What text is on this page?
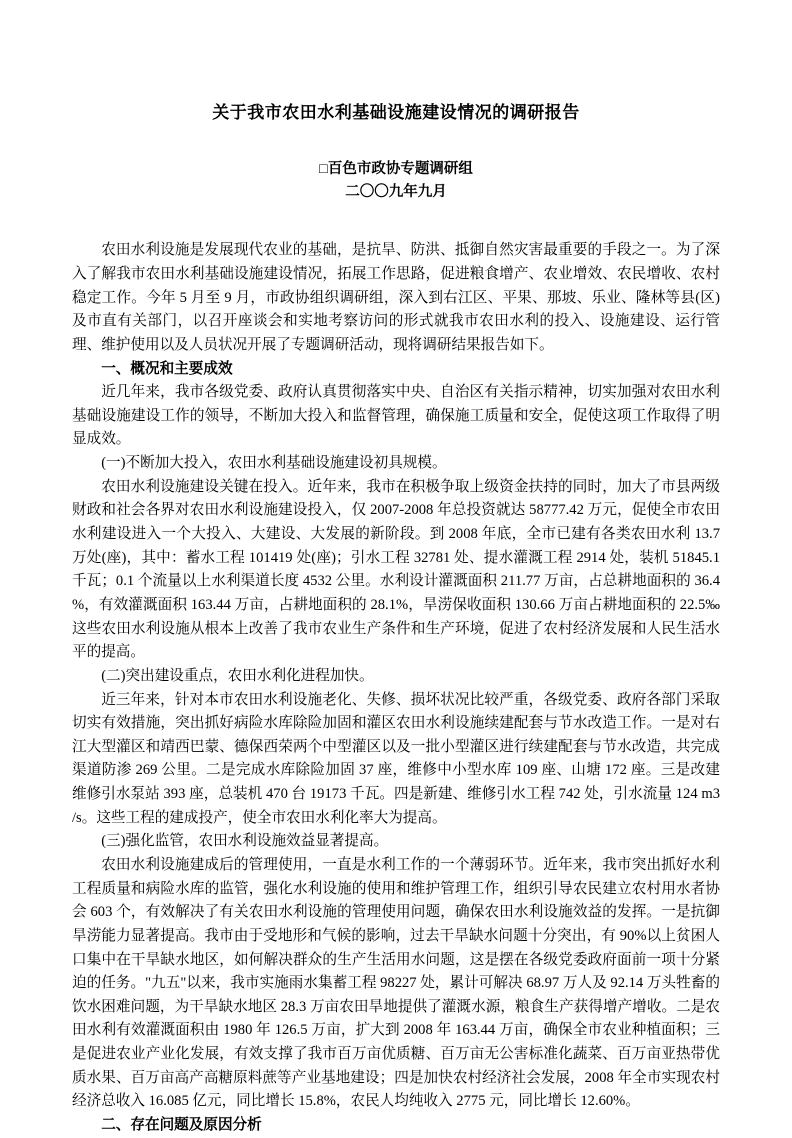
关于我市农田水利基础设施建设情况的调研报告
□百色市政协专题调研组
二〇〇九年九月

农田水利设施是发展现代农业的基础，是抗旱、防洪、抵御自然灾害最重要的手段之一。为了深入了解我市农田水利基础设施建设情况，拓展工作思路，促进粮食增产、农业增效、农民增收、农村稳定工作。今年 5 月至 9 月，市政协组织调研组，深入到右江区、平果、那坡、乐业、隆林等县(区)及市直有关部门，以召开座谈会和实地考察访问的形式就我市农田水利的投入、设施建设、运行管理、维护使用以及人员状况开展了专题调研活动，现将调研结果报告如下。

一、概况和主要成效

近几年来，我市各级党委、政府认真贯彻落实中央、自治区有关指示精神，切实加强对农田水利基础设施建设工作的领导，不断加大投入和监督管理，确保施工质量和安全，促使这项工作取得了明显成效。

(一)不断加大投入，农田水利基础设施建设初具规模。

农田水利设施建设关键在投入。近年来，我市在积极争取上级资金扶持的同时，加大了市县两级财政和社会各界对农田水利设施建设投入，仅 2007-2008 年总投资就达 58777.42 万元，促使全市农田水利建设进入一个大投入、大建设、大发展的新阶段。到 2008 年底，全市已建有各类农田水利 13.7 万处(座)，其中：蓄水工程 101419 处(座)；引水工程 32781 处、提水灌溉工程 2914 处，装机 51845.1 千瓦；0.1 个流量以上水利渠道长度 4532 公里。水利设计灌溉面积 211.77 万亩，占总耕地面积的 36.4 %，有效灌溉面积 163.44 万亩，占耕地面积的 28.1%，旱涝保收面积 130.66 万亩占耕地面积的 22.5‰ 这些农田水利设施从根本上改善了我市农业生产条件和生产环境，促进了农村经济发展和人民生活水平的提高。

(二)突出建设重点，农田水利化进程加快。

近三年来，针对本市农田水利设施老化、失修、损坏状况比较严重，各级党委、政府各部门采取切实有效措施，突出抓好病险水库除险加固和灌区农田水利设施续建配套与节水改造工作。一是对右江大型灌区和靖西巴蒙、德保西荣两个中型灌区以及一批小型灌区进行续建配套与节水改造，共完成渠道防渗 269 公里。二是完成水库除险加固 37 座，维修中小型水库 109 座、山塘 172 座。三是改建维修引水泵站 393 座，总装机 470 台 19173 千瓦。四是新建、维修引水工程 742 处，引水流量 124 m3 /s。这些工程的建成投产，使全市农田水利化率大为提高。

(三)强化监管，农田水利设施效益显著提高。

农田水利设施建成后的管理使用，一直是水利工作的一个薄弱环节。近年来，我市突出抓好水利工程质量和病险水库的监管，强化水利设施的使用和维护管理工作，组织引导农民建立农村用水者协会 603 个，有效解决了有关农田水利设施的管理使用问题，确保农田水利设施效益的发挥。一是抗御旱涝能力显著提高。我市由于受地形和气候的影响，过去干旱缺水问题十分突出，有 90%以上贫困人口集中在干旱缺水地区，如何解决群众的生产生活用水问题，这是摆在各级党委政府面前一项十分紧迫的任务。"九五"以来，我市实施雨水集蓄工程 98227 处，累计可解决 68.97 万人及 92.14 万头牲畜的饮水困难问题，为干旱缺水地区 28.3 万亩农田旱地提供了灌溉水源，粮食生产获得增产增收。二是农田水利有效灌溉面积由 1980 年 126.5 万亩，扩大到 2008 年 163.44 万亩，确保全市农业种植面积；三是促进农业产业化发展，有效支撑了我市百万亩优质糖、百万亩无公害标准化蔬菜、百万亩亚热带优质水果、百万亩高产高糖原料蔗等产业基地建设；四是加快农村经济社会发展，2008 年全市实现农村经济总收入 16.085 亿元，同比增长 15.8%，农民人均纯收入 2775 元，同比增长 12.60%。

二、存在问题及原因分析
